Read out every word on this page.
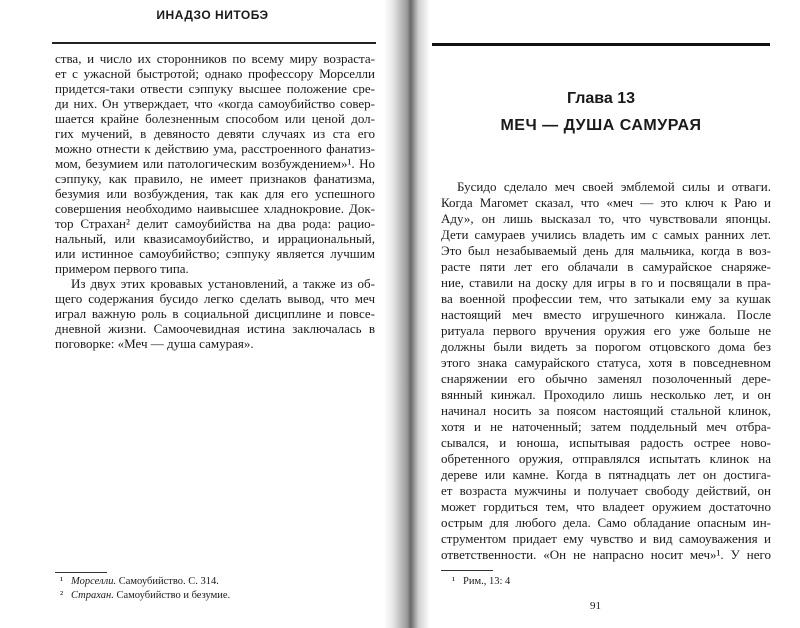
ИНАДЗО НИТОБЭ
ства, и число их сторонников по всему миру возраста-
ет с ужасной быстротой; однако профессору Морселли
придется-таки отвести сэппуку высшее положение сре-
ди них. Он утверждает, что «когда самоубийство совер-
шается крайне болезненным способом или ценой дол-
гих мучений, в девяносто девяти случаях из ста его
можно отнести к действию ума, расстроенного фанатиз-
мом, безумием или патологическим возбуждением»¹. Но
сэппуку, как правило, не имеет признаков фанатизма,
безумия или возбуждения, так как для его успешного
совершения необходимо наивысшее хладнокровие. Док-
тор Страхан² делит самоубийства на два рода: рацио-
нальный, или квазисамоубийство, и иррациональный,
или истинное самоубийство; сэппуку является лучшим
примером первого типа.
Из двух этих кровавых установлений, а также из об-
щего содержания бусидо легко сделать вывод, что меч
играл важную роль в социальной дисциплине и повсе-
дневной жизни. Самоочевидная истина заключалась в
поговорке: «Меч — душа самурая».
Глава 13
МЕЧ — ДУША САМУРАЯ
Бусидо сделало меч своей эмблемой силы и отваги.
Когда Магомет сказал, что «меч — это ключ к Раю и
Аду», он лишь высказал то, что чувствовали японцы.
Дети самураев учились владеть им с самых ранних лет.
Это был незабываемый день для мальчика, когда в воз-
расте пяти лет его облачали в самурайское снаряже-
ние, ставили на доску для игры в го и посвящали в пра-
ва военной профессии тем, что затыкали ему за кушак
настоящий меч вместо игрушечного кинжала. После
ритуала первого вручения оружия его уже больше не
должны были видеть за порогом отцовского дома без
этого знака самурайского статуса, хотя в повседневном
снаряжении его обычно заменял позолоченный дере-
вянный кинжал. Проходило лишь несколько лет, и он
начинал носить за поясом настоящий стальной клинок,
хотя и не наточенный; затем поддельный меч отбра-
сывался, и юноша, испытывая радость острее ново-
обретенного оружия, отправлялся испытать клинок на
дереве или камне. Когда в пятнадцать лет он достига-
ет возраста мужчины и получает свободу действий, он
может гордиться тем, что владеет оружием достаточно
острым для любого дела. Само обладание опасным ин-
струментом придает ему чувство и вид самоуважения и
ответственности. «Он не напрасно носит меч»¹. У него
¹ Морселли. Самоубийство. С. 314.
² Страхан. Самоубийство и безумие.
¹ Рим., 13: 4
91
